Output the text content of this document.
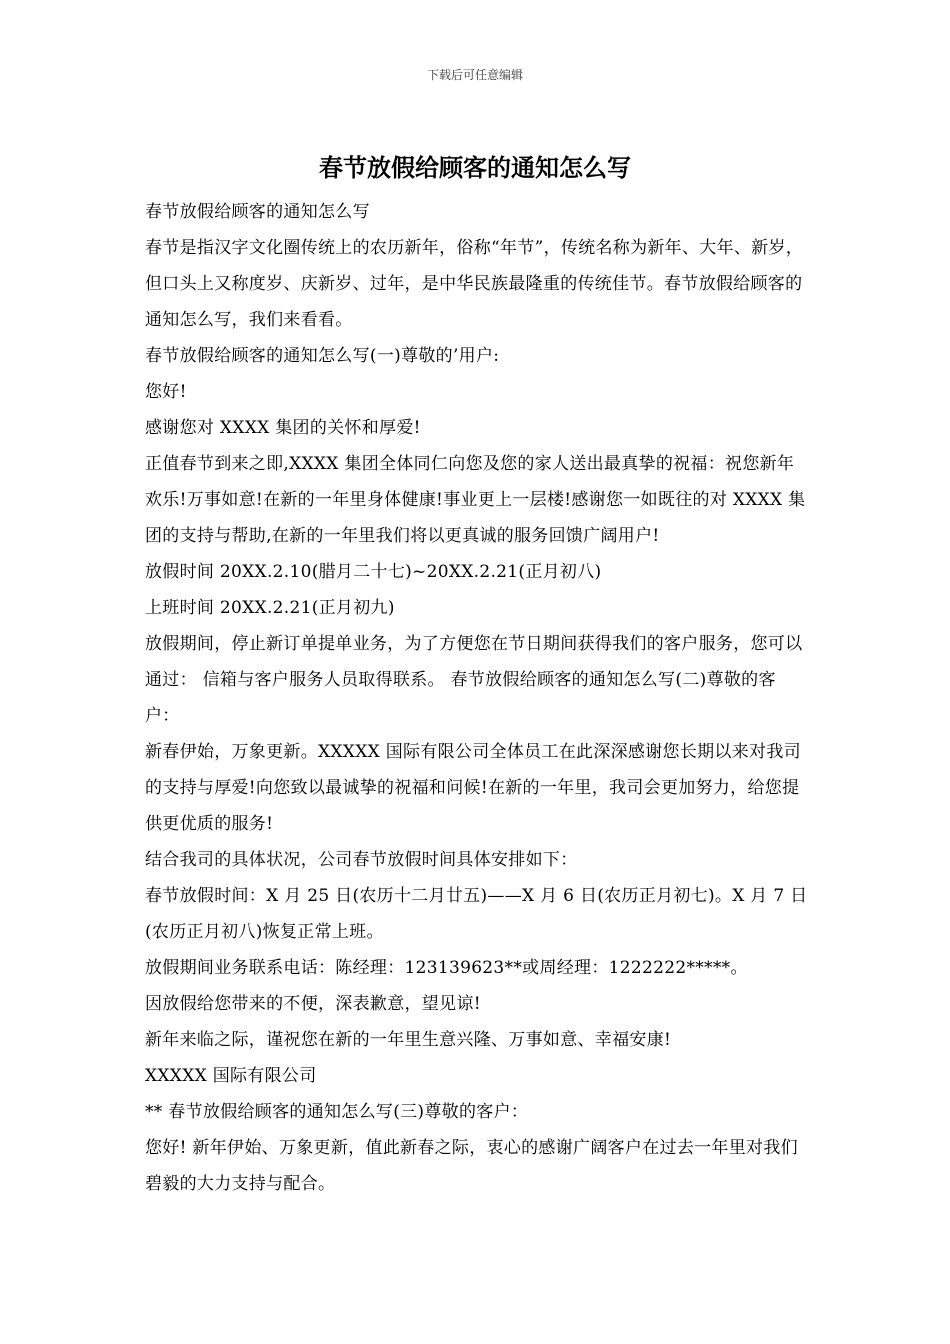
下载后可任意编辑
春节放假给顾客的通知怎么写

春节放假给顾客的通知怎么写

春节是指汉字文化圈传统上的农历新年，俗称“年节”，传统名称为新年、大年、新岁，但口头上又称度岁、庆新岁、过年，是中华民族最隆重的传统佳节。春节放假给顾客的通知怎么写，我们来看看。

春节放假给顾客的通知怎么写(一)尊敬的’用户:

您好!

感谢您对 XXXX 集团的关怀和厚爱!

正值春节到来之即,XXXX 集团全体同仁向您及您的家人送出最真挚的祝福：祝您新年欢乐!万事如意!在新的一年里身体健康!事业更上一层楼!感谢您一如既往的对 XXXX 集团的支持与帮助,在新的一年里我们将以更真诚的服务回馈广阔用户!

放假时间 20XX.2.10(腊月二十七)~20XX.2.21(正月初八)

上班时间 20XX.2.21(正月初九)

放假期间，停止新订单提单业务，为了方便您在节日期间获得我们的客户服务，您可以通过： 信箱与客户服务人员取得联系。 春节放假给顾客的通知怎么写(二)尊敬的客户：

新春伊始，万象更新。XXXXX 国际有限公司全体员工在此深深感谢您长期以来对我司的支持与厚爱!向您致以最诚挚的祝福和问候!在新的一年里，我司会更加努力，给您提供更优质的服务!

结合我司的具体状况，公司春节放假时间具体安排如下：

春节放假时间：X 月 25 日(农历十二月廿五)——X 月 6 日(农历正月初七)。X 月 7 日(农历正月初八)恢复正常上班。

放假期间业务联系电话：陈经理：123139623**或周经理：1222222*****。

因放假给您带来的不便，深表歉意，望见谅!

新年来临之际，谨祝您在新的一年里生意兴隆、万事如意、幸福安康!

XXXXX 国际有限公司

** 春节放假给顾客的通知怎么写(三)尊敬的客户：

您好! 新年伊始、万象更新，值此新春之际，衷心的感谢广阔客户在过去一年里对我们碧毅的大力支持与配合。
